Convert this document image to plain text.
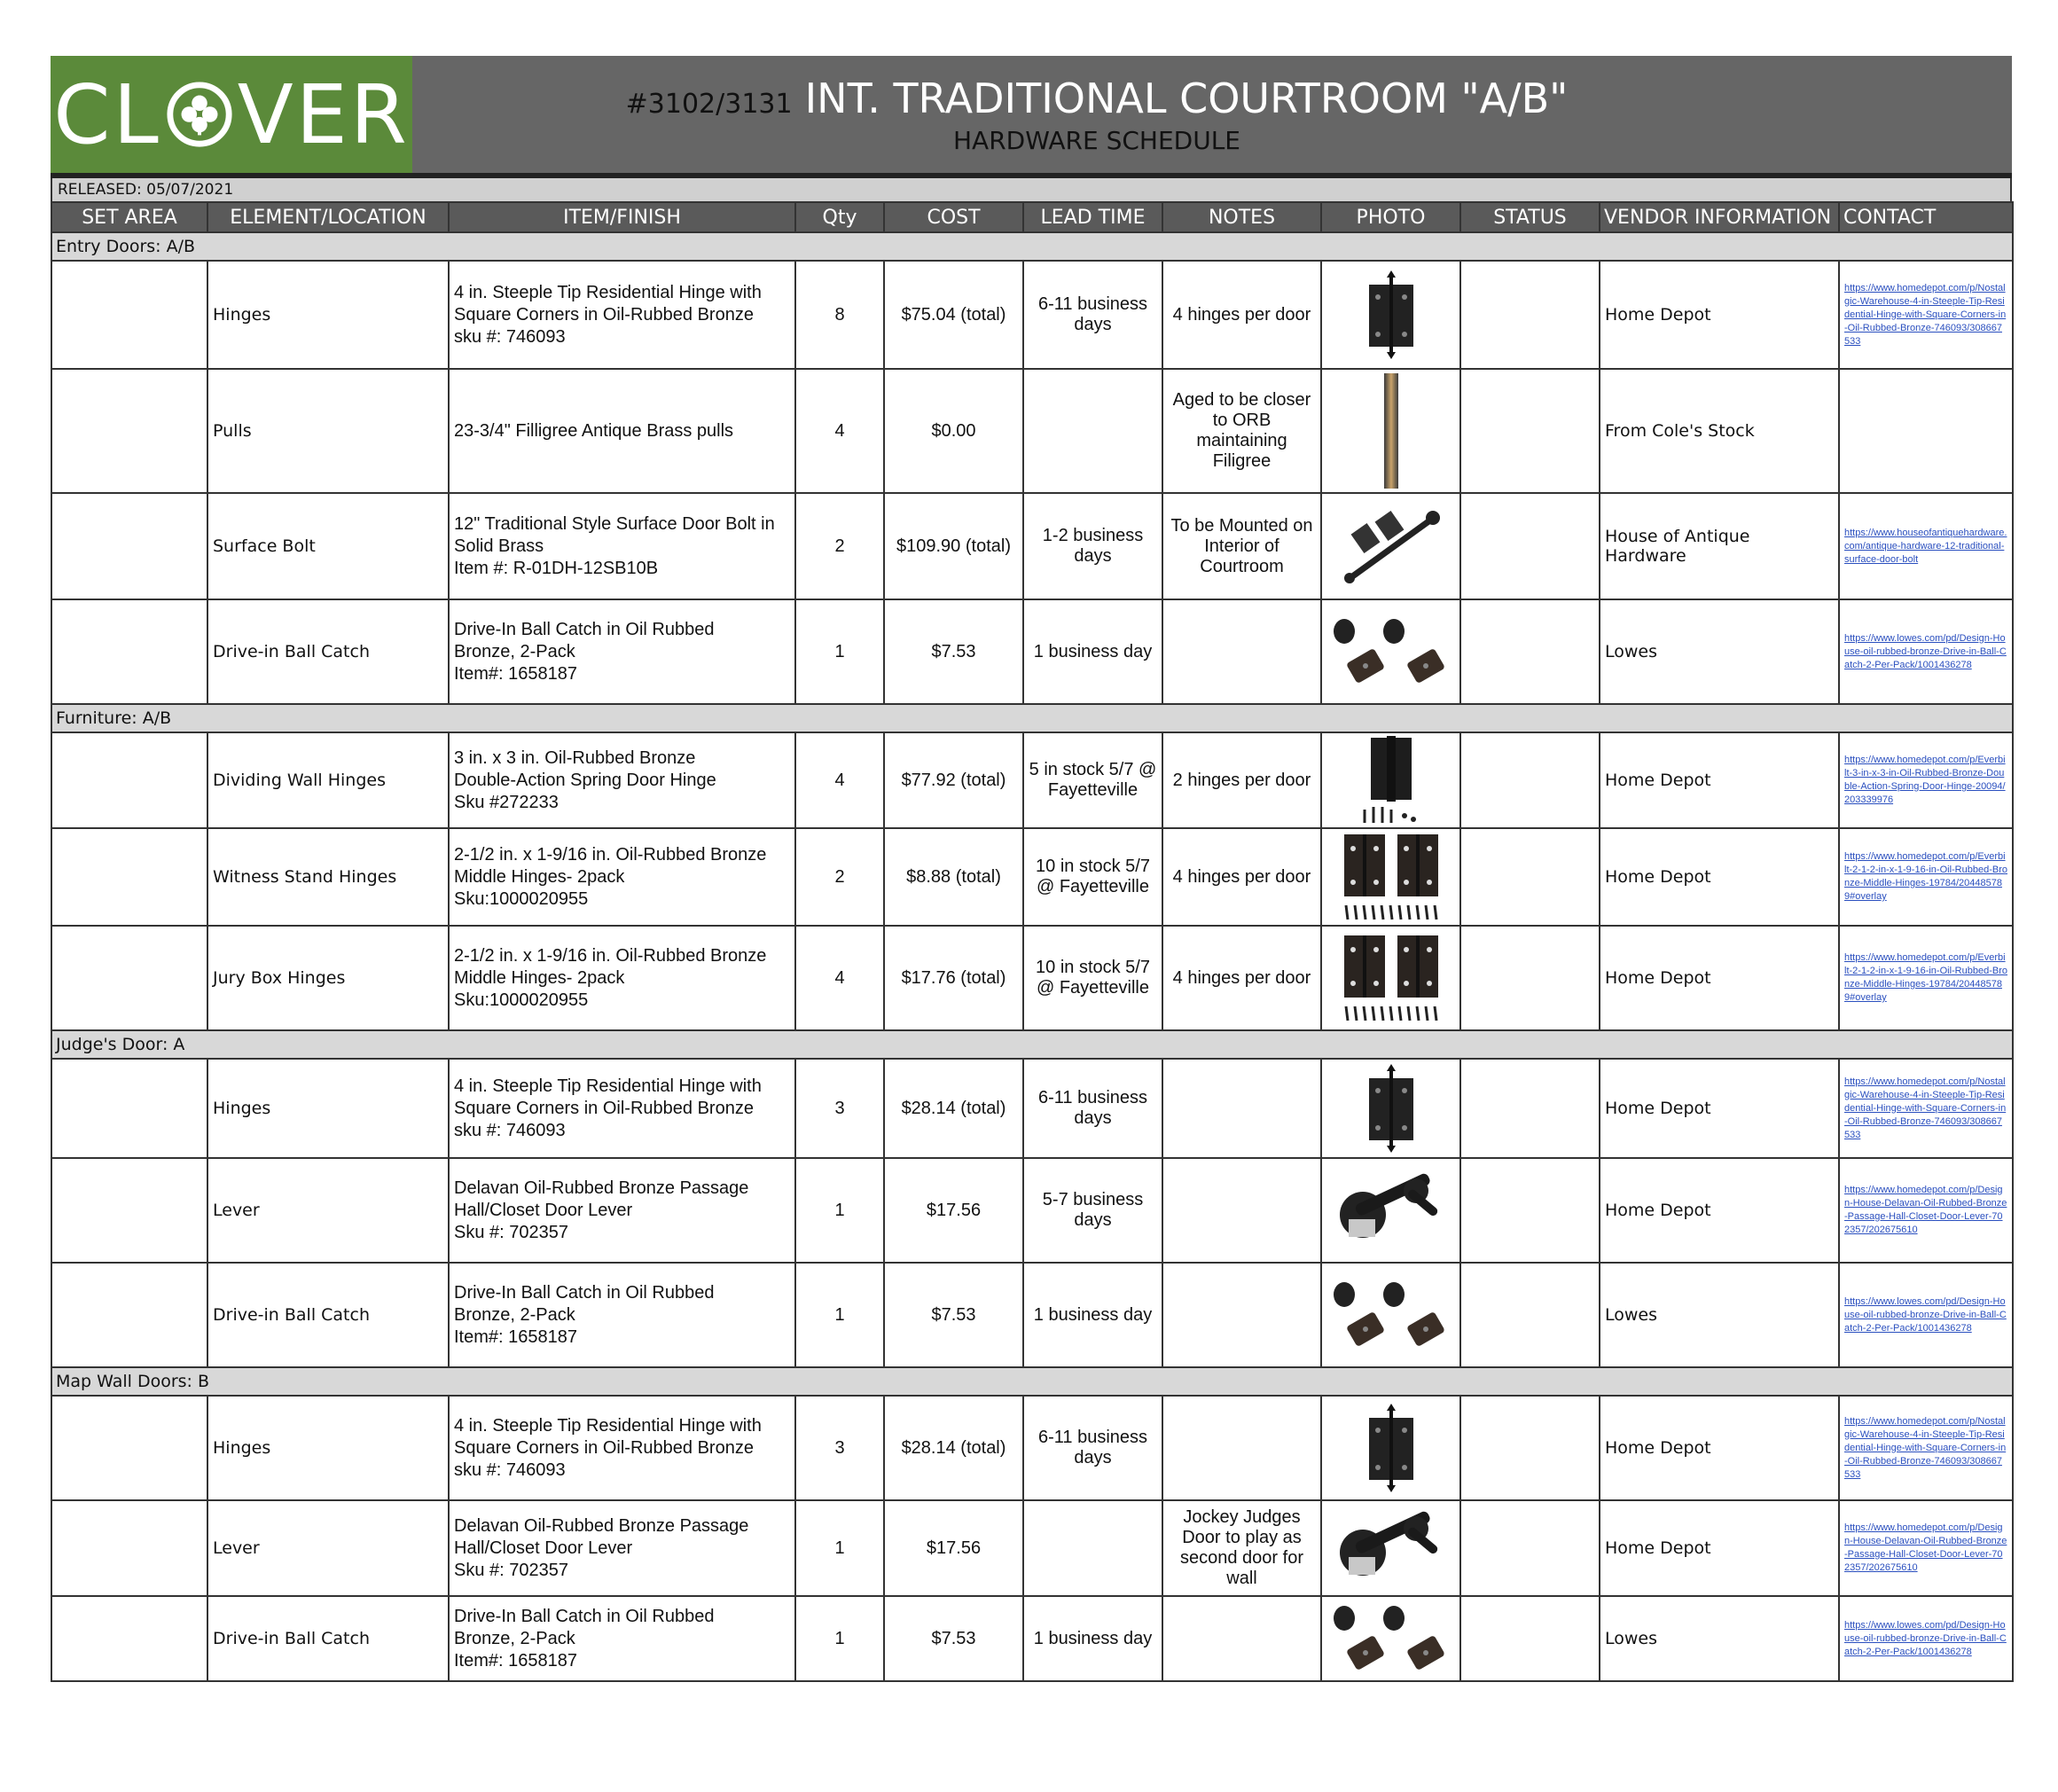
CL VER	#3102/3131 INT. TRADITIONAL COURTROOM "A/B"
HARDWARE SCHEDULE
RELEASED: 05/07/2021
SET AREA	ELEMENT/LOCATION	ITEM/FINISH	Qty	COST	LEAD TIME	NOTES	PHOTO	STATUS	VENDOR INFORMATION	CONTACT
Entry Doors: A/B										
	Hinges	4 in. Steeple Tip Residential Hinge with
Square Corners in Oil-Rubbed Bronze
sku #: 746093	8	$75.04 (total)	6-11 business days	4 hinges per door			Home Depot	https://www.homedepot.com/p/Nostalgic-Warehouse-4-in-Steeple-Tip-Residential-Hinge-with-Square-Corners-in-Oil-Rubbed-Bronze-746093/308667533

	Pulls	23-3/4" Filligree Antique Brass pulls	4	$0.00		Aged to be closer to ORB maintaining Filigree			From Cole's Stock	
	Surface Bolt	12" Traditional Style Surface Door Bolt in
Solid Brass
Item #: R-01DH-12SB10B	2	$109.90 (total)	1-2 business days	To be Mounted on Interior of Courtroom			House of Antique Hardware	https://www.houseofantiquehardware.com/antique-hardware-12-traditional-surface-door-bolt

	Drive-in Ball Catch	Drive-In Ball Catch in Oil Rubbed
Bronze, 2-Pack
Item#: 1658187	1	$7.53	1 business day				Lowes	https://www.lowes.com/pd/Design-House-oil-rubbed-bronze-Drive-in-Ball-Catch-2-Per-Pack/1001436278

Furniture: A/B										
	Dividing Wall Hinges	3 in. x 3 in. Oil-Rubbed Bronze
Double-Action Spring Door Hinge
Sku #272233	4	$77.92 (total)	5 in stock 5/7 @ Fayetteville	2 hinges per door			Home Depot	https://www.homedepot.com/p/Everbilt-3-in-x-3-in-Oil-Rubbed-Bronze-Double-Action-Spring-Door-Hinge-20094/203339976

	Witness Stand Hinges	2-1/2 in. x 1-9/16 in. Oil-Rubbed Bronze
Middle Hinges- 2pack
Sku:1000020955	2	$8.88 (total)	10 in stock 5/7 @ Fayetteville	4 hinges per door			Home Depot	https://www.homedepot.com/p/Everbilt-2-1-2-in-x-1-9-16-in-Oil-Rubbed-Bronze-Middle-Hinges-19784/204485789#overlay

	Jury Box Hinges	2-1/2 in. x 1-9/16 in. Oil-Rubbed Bronze
Middle Hinges- 2pack
Sku:1000020955	4	$17.76 (total)	10 in stock 5/7 @ Fayetteville	4 hinges per door			Home Depot	https://www.homedepot.com/p/Everbilt-2-1-2-in-x-1-9-16-in-Oil-Rubbed-Bronze-Middle-Hinges-19784/204485789#overlay

Judge's Door: A										
	Hinges	4 in. Steeple Tip Residential Hinge with
Square Corners in Oil-Rubbed Bronze
sku #: 746093	3	$28.14 (total)	6-11 business days				Home Depot	https://www.homedepot.com/p/Nostalgic-Warehouse-4-in-Steeple-Tip-Residential-Hinge-with-Square-Corners-in-Oil-Rubbed-Bronze-746093/308667533

	Lever	Delavan Oil-Rubbed Bronze Passage
Hall/Closet Door Lever
Sku #: 702357	1	$17.56	5-7 business days				Home Depot	https://www.homedepot.com/p/Design-House-Delavan-Oil-Rubbed-Bronze-Passage-Hall-Closet-Door-Lever-702357/202675610

	Drive-in Ball Catch	Drive-In Ball Catch in Oil Rubbed
Bronze, 2-Pack
Item#: 1658187	1	$7.53	1 business day				Lowes	https://www.lowes.com/pd/Design-House-oil-rubbed-bronze-Drive-in-Ball-Catch-2-Per-Pack/1001436278

Map Wall Doors: B										
	Hinges	4 in. Steeple Tip Residential Hinge with
Square Corners in Oil-Rubbed Bronze
sku #: 746093	3	$28.14 (total)	6-11 business days				Home Depot	https://www.homedepot.com/p/Nostalgic-Warehouse-4-in-Steeple-Tip-Residential-Hinge-with-Square-Corners-in-Oil-Rubbed-Bronze-746093/308667533

	Lever	Delavan Oil-Rubbed Bronze Passage
Hall/Closet Door Lever
Sku #: 702357	1	$17.56		Jockey Judges Door to play as second door for wall			Home Depot	https://www.homedepot.com/p/Design-House-Delavan-Oil-Rubbed-Bronze-Passage-Hall-Closet-Door-Lever-702357/202675610

	Drive-in Ball Catch	Drive-In Ball Catch in Oil Rubbed
Bronze, 2-Pack
Item#: 1658187	1	$7.53	1 business day				Lowes	https://www.lowes.com/pd/Design-House-oil-rubbed-bronze-Drive-in-Ball-Catch-2-Per-Pack/1001436278
